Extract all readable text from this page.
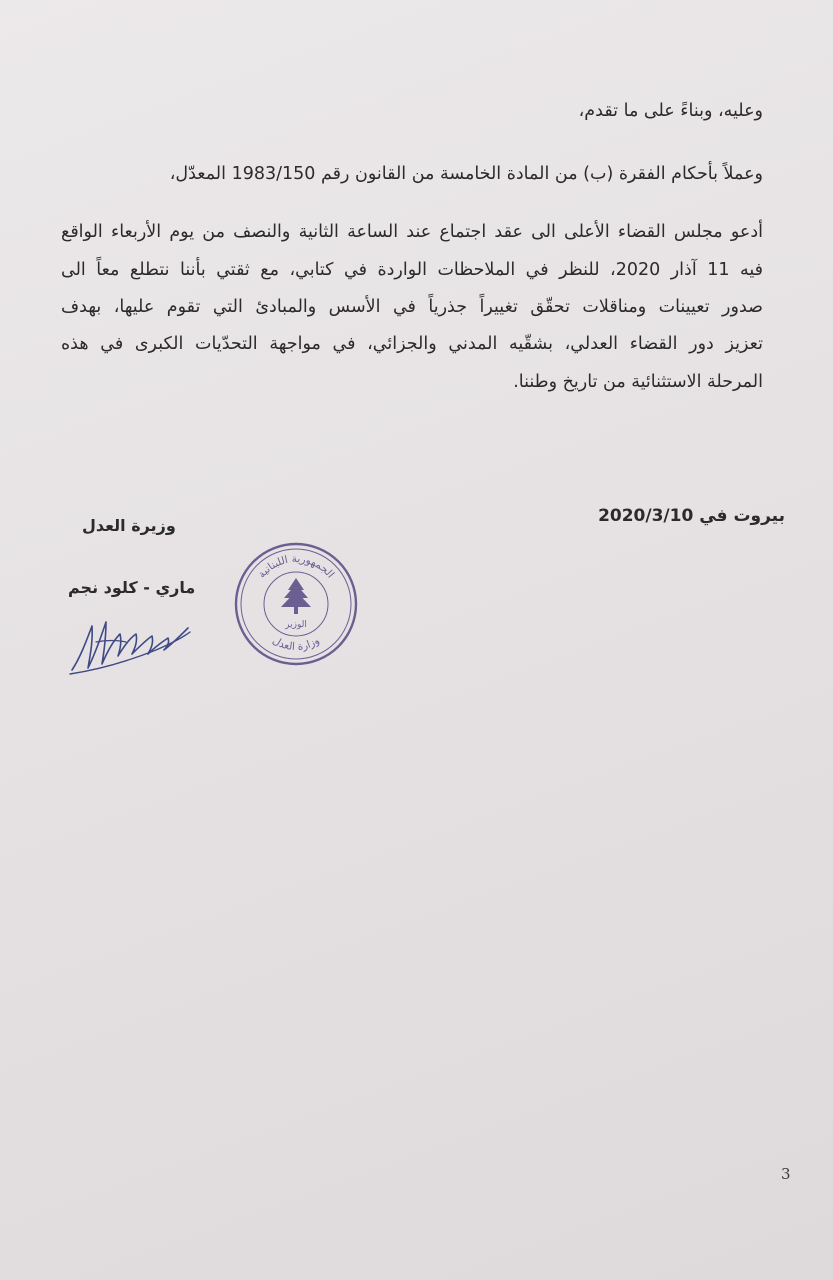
وعليه، وبناءً على ما تقدم،
وعملاً بأحكام الفقرة (ب) من المادة الخامسة من القانون رقم 1983/150 المعدّل،
أدعو مجلس القضاء الأعلى الى عقد اجتماع عند الساعة الثانية والنصف من يوم الأربعاء الواقع
فيه 11 آذار 2020، للنظر في الملاحظات الواردة في كتابي، مع ثقتي بأننا نتطلع معاً الى
صدور تعيينات ومناقلات تحقّق تغييراً جذرياً في الأسس والمبادئ التي تقوم عليها، بهدف
تعزيز دور القضاء العدلي، بشقّيه المدني والجزائي، في مواجهة التحدّيات الكبرى في هذه
المرحلة الاستثنائية من تاريخ وطننا.
بيروت في 2020/3/10
وزيرة العدل
ماري - كلود نجم
الجمهورية اللبنانية
وزارة العدل
الوزير
3
